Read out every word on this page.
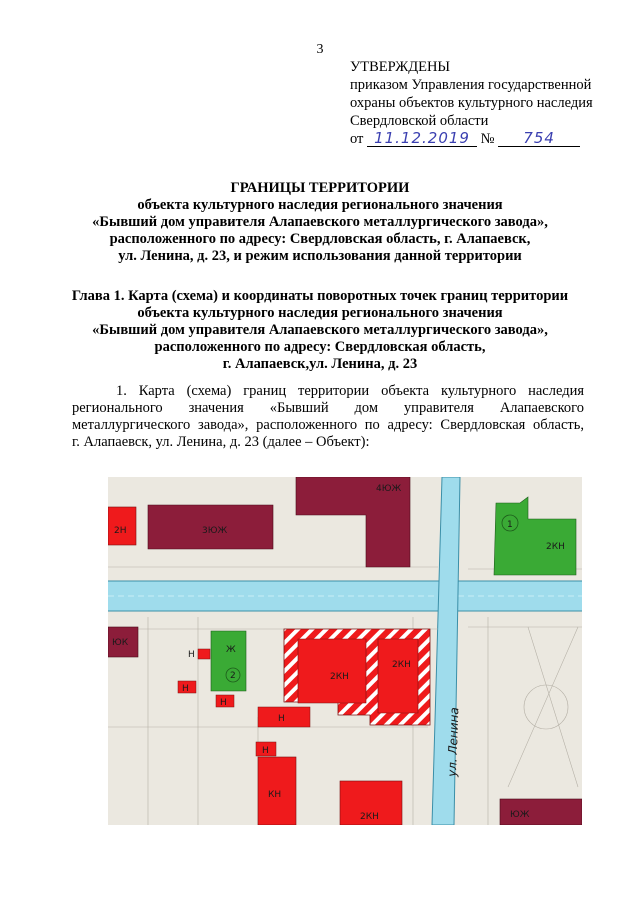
3
УТВЕРЖДЕНЫ
приказом Управления государственной
охраны объектов культурного наследия
Свердловской области
от 11.12.2019 № 754
ГРАНИЦЫ ТЕРРИТОРИИ
объекта культурного наследия регионального значения
«Бывший дом управителя Алапаевского металлургического завода»,
расположенного по адресу: Свердловская область, г. Алапаевск,
ул. Ленина, д. 23, и режим использования данной территории
Глава 1. Карта (схема) и координаты поворотных точек границ территории
объекта культурного наследия регионального значения
«Бывший дом управителя Алапаевского металлургического завода»,
расположенного по адресу: Свердловская область,
г. Алапаевск,ул. Ленина, д. 23
1. Карта (схема) границ территории объекта культурного наследия
регионального значения «Бывший дом управителя Алапаевского
металлургического завода», расположенного по адресу: Свердловская область,
г. Алапаевск, ул. Ленина, д. 23 (далее – Объект):
2Н	3ЮЖ
4ЮЖ
1
2КН
ЮК
Ж
2
Н
Н
Н
Н
Н
2КН
2КН
КН
2КН	ЮЖ
ул. Ленина
